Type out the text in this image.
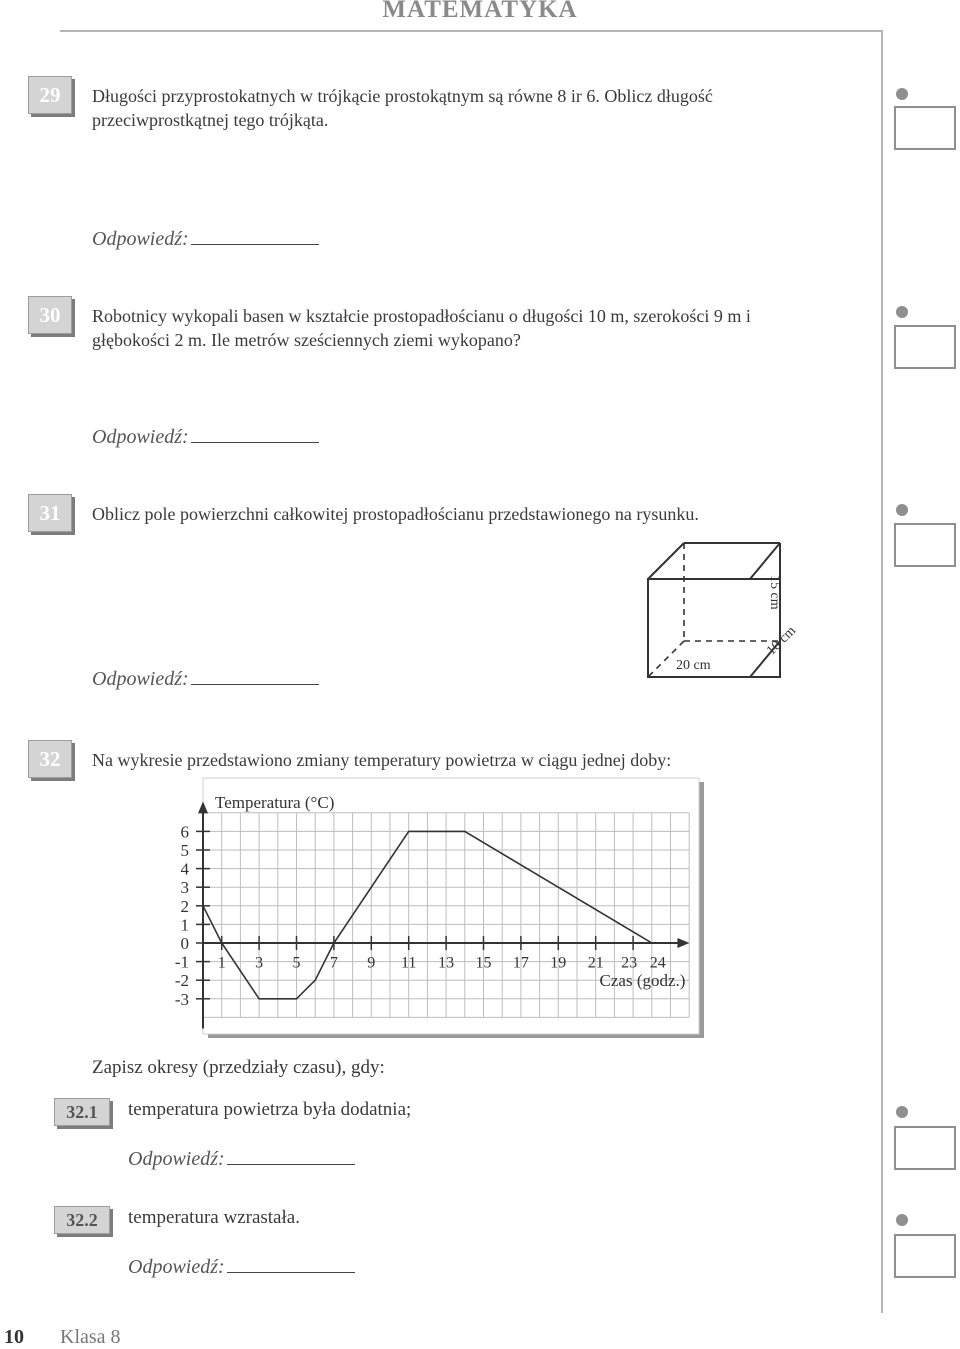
MATEMATYKA
29	Długości przyprostokatnych w trójkącie prostokątnym są równe 8 ir 6. Oblicz długość przeciwprostkątnej tego trójkąta.
Odpowiedź:
30	Robotnicy wykopali basen w kształcie prostopadłościanu o długości 10 m, szerokości 9 m i głębokości 2 m. Ile metrów sześciennych ziemi wykopano?
Odpowiedź:
31	Oblicz pole powierzchni całkowitej prostopadłościanu przedstawionego na rysunku.
Odpowiedź:
20 cm
15 cm
10 cm
32	Na wykresie przedstawiono zmiany temperatury powietrza w ciągu jednej doby:
6
5
4
3
2
1
0
-1
-2
-3
1 3 5 7 9 11 13 15 17 19 21 23 24
Temperatura (°C)
Czas (godz.)
Zapisz okresy (przedziały czasu), gdy:
32.1	temperatura powietrza była dodatnia;
Odpowiedź:
32.2	temperatura wzrastała.
Odpowiedź:
10 Klasa 8
